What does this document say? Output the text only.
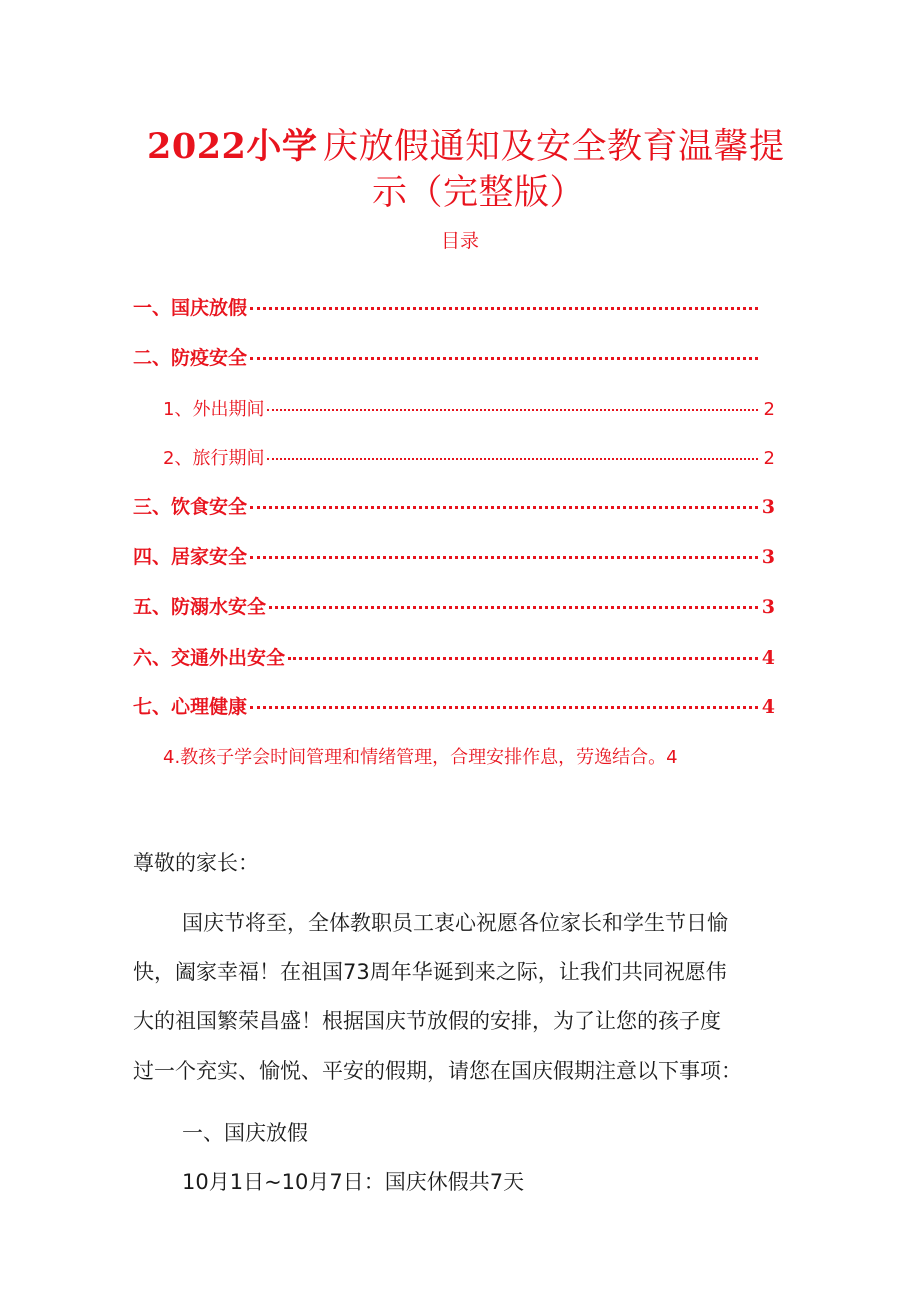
2022小学 庆放假通知及安全教育温馨提
示（完整版）
目录
一、国庆放假
二、防疫安全
1、外出期间	2
2、旅行期间	2
三、饮食安全	3
四、居家安全	3
五、防溺水安全	3
六、交通外出安全	4
七、心理健康	4
4.教孩子学会时间管理和情绪管理，合理安排作息，劳逸结合。4
尊敬的家长：
国庆节将至，全体教职员工衷心祝愿各位家长和学生节日愉
快，阖家幸福！在祖国73周年华诞到来之际，让我们共同祝愿伟
大的祖国繁荣昌盛！根据国庆节放假的安排，为了让您的孩子度
过一个充实、愉悦、平安的假期，请您在国庆假期注意以下事项：
一、国庆放假
10月1日~10月7日：国庆休假共7天
